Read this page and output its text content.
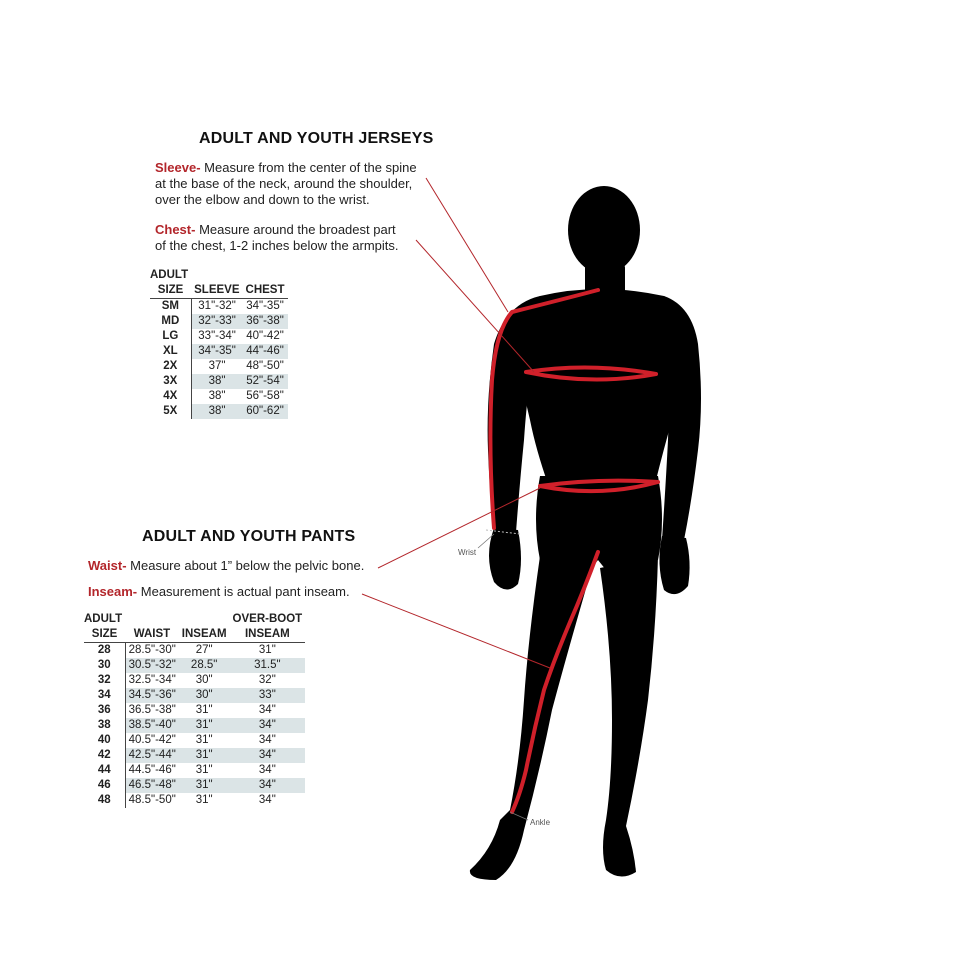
Wrist
Ankle
ADULT AND YOUTH JERSEYS
Sleeve- Measure from the center of the spine
at the base of the neck, around the shoulder,
over the elbow and down to the wrist.
Chest- Measure around the broadest part
of the chest, 1-2 inches below the armpits.
ADULT		
SIZE	SLEEVE	CHEST
SM	31"-32"	34"-35"
MD	32"-33"	36"-38"
LG	33"-34"	40"-42"
XL	34"-35"	44"-46"
2X	37"	48"-50"
3X	38"	52"-54"
4X	38"	56"-58"
5X	38"	60"-62"
ADULT AND YOUTH PANTS
Waist- Measure about 1” below the pelvic bone.
Inseam- Measurement is actual pant inseam.
ADULT			OVER-BOOT
SIZE	WAIST	INSEAM	INSEAM
28	28.5"-30"	27"	31"
30	30.5"-32"	28.5"	31.5"
32	32.5"-34"	30"	32"
34	34.5"-36"	30"	33"
36	36.5"-38"	31"	34"
38	38.5"-40"	31"	34"
40	40.5"-42"	31"	34"
42	42.5"-44"	31"	34"
44	44.5"-46"	31"	34"
46	46.5"-48"	31"	34"
48	48.5"-50"	31"	34"
